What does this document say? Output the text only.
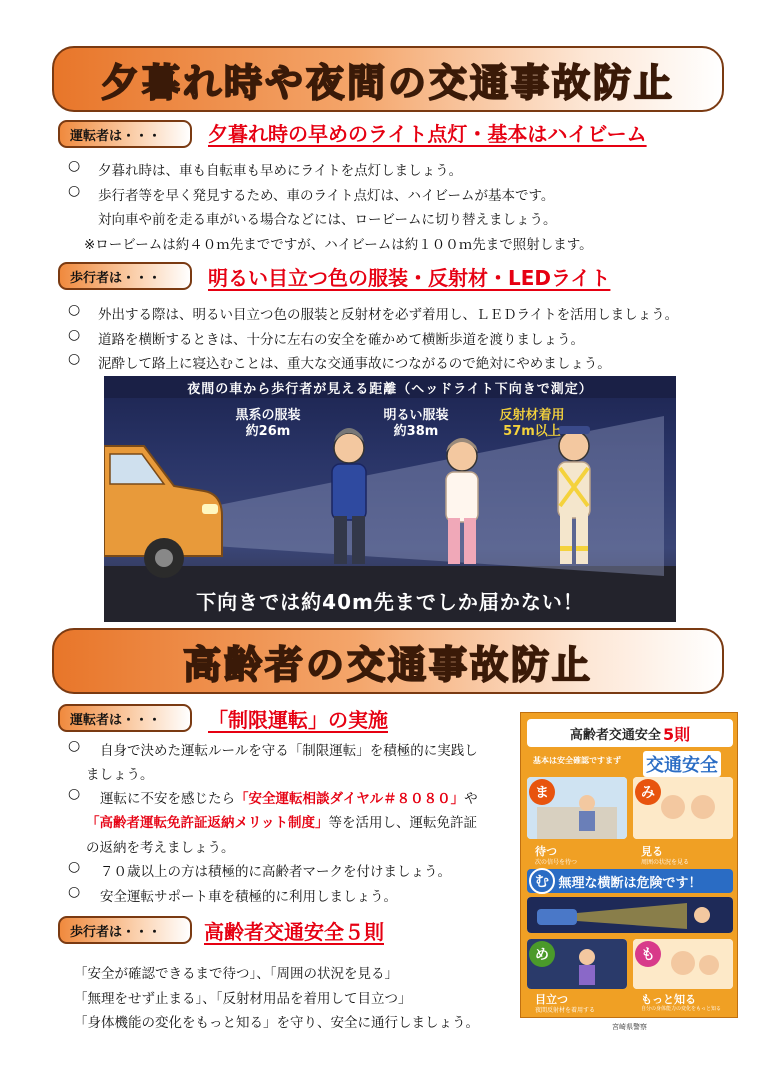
夕暮れ時や夜間の交通事故防止
運転者は・・・	夕暮れ時の早めのライト点灯・基本はハイビーム
○ 夕暮れ時は、車も自転車も早めにライトを点灯しましょう。
○ 歩行者等を早く発見するため、車のライト点灯は、ハイビームが基本です。
対向車や前を走る車がいる場合などには、ロービームに切り替えましょう。
※ロービームは約４０ｍ先までですが、ハイビームは約１００ｍ先まで照射します。
歩行者は・・・	明るい目立つ色の服装・反射材・LEDライト
○ 外出する際は、明るい目立つ色の服装と反射材を必ず着用し、ＬＥＤライトを活用しましょう。
○ 道路を横断するときは、十分に左右の安全を確かめて横断歩道を渡りましょう。
○ 泥酔して路上に寝込むことは、重大な交通事故につながるので絶対にやめましょう。
夜間の車から歩行者が見える距離（ヘッドライト下向きで測定）
黒系の服装
約26m
明るい服装
約38m
反射材着用
57m以上
下向きでは約40m先までしか届かない！
高齢者の交通事故防止
運転者は・・・	「制限運転」の実施
○ 自身で決めた運転ルールを守る「制限運転」を積極的に実践し
ましょう。
○ 運転に不安を感じたら「安全運転相談ダイヤル＃８０８０」や
「高齢者運転免許証返納メリット制度」等を活用し、運転免許証
の返納を考えましょう。
○ ７０歳以上の方は積極的に高齢者マークを付けましょう。
○ 安全運転サポート車を積極的に利用しましょう。
歩行者は・・・	高齢者交通安全５則
「安全が確認できるまで待つ」、「周囲の状況を見る」
「無理をせず止まる」、「反射材用品を着用して目立つ」
「身体機能の変化をもっと知る」を守り、安全に通行しましょう。
高齢者交通安全 5則
基本は安全確認ですまず 交通安全
ま
待つ
次の信号を待つ
み
見る
周囲の状況を見る
無理な横断は危険です！
む
め
目立つ
夜間反射材を着用する
も
もっと知る
自分の身体能力の変化をもっと知る
宮崎県警察
